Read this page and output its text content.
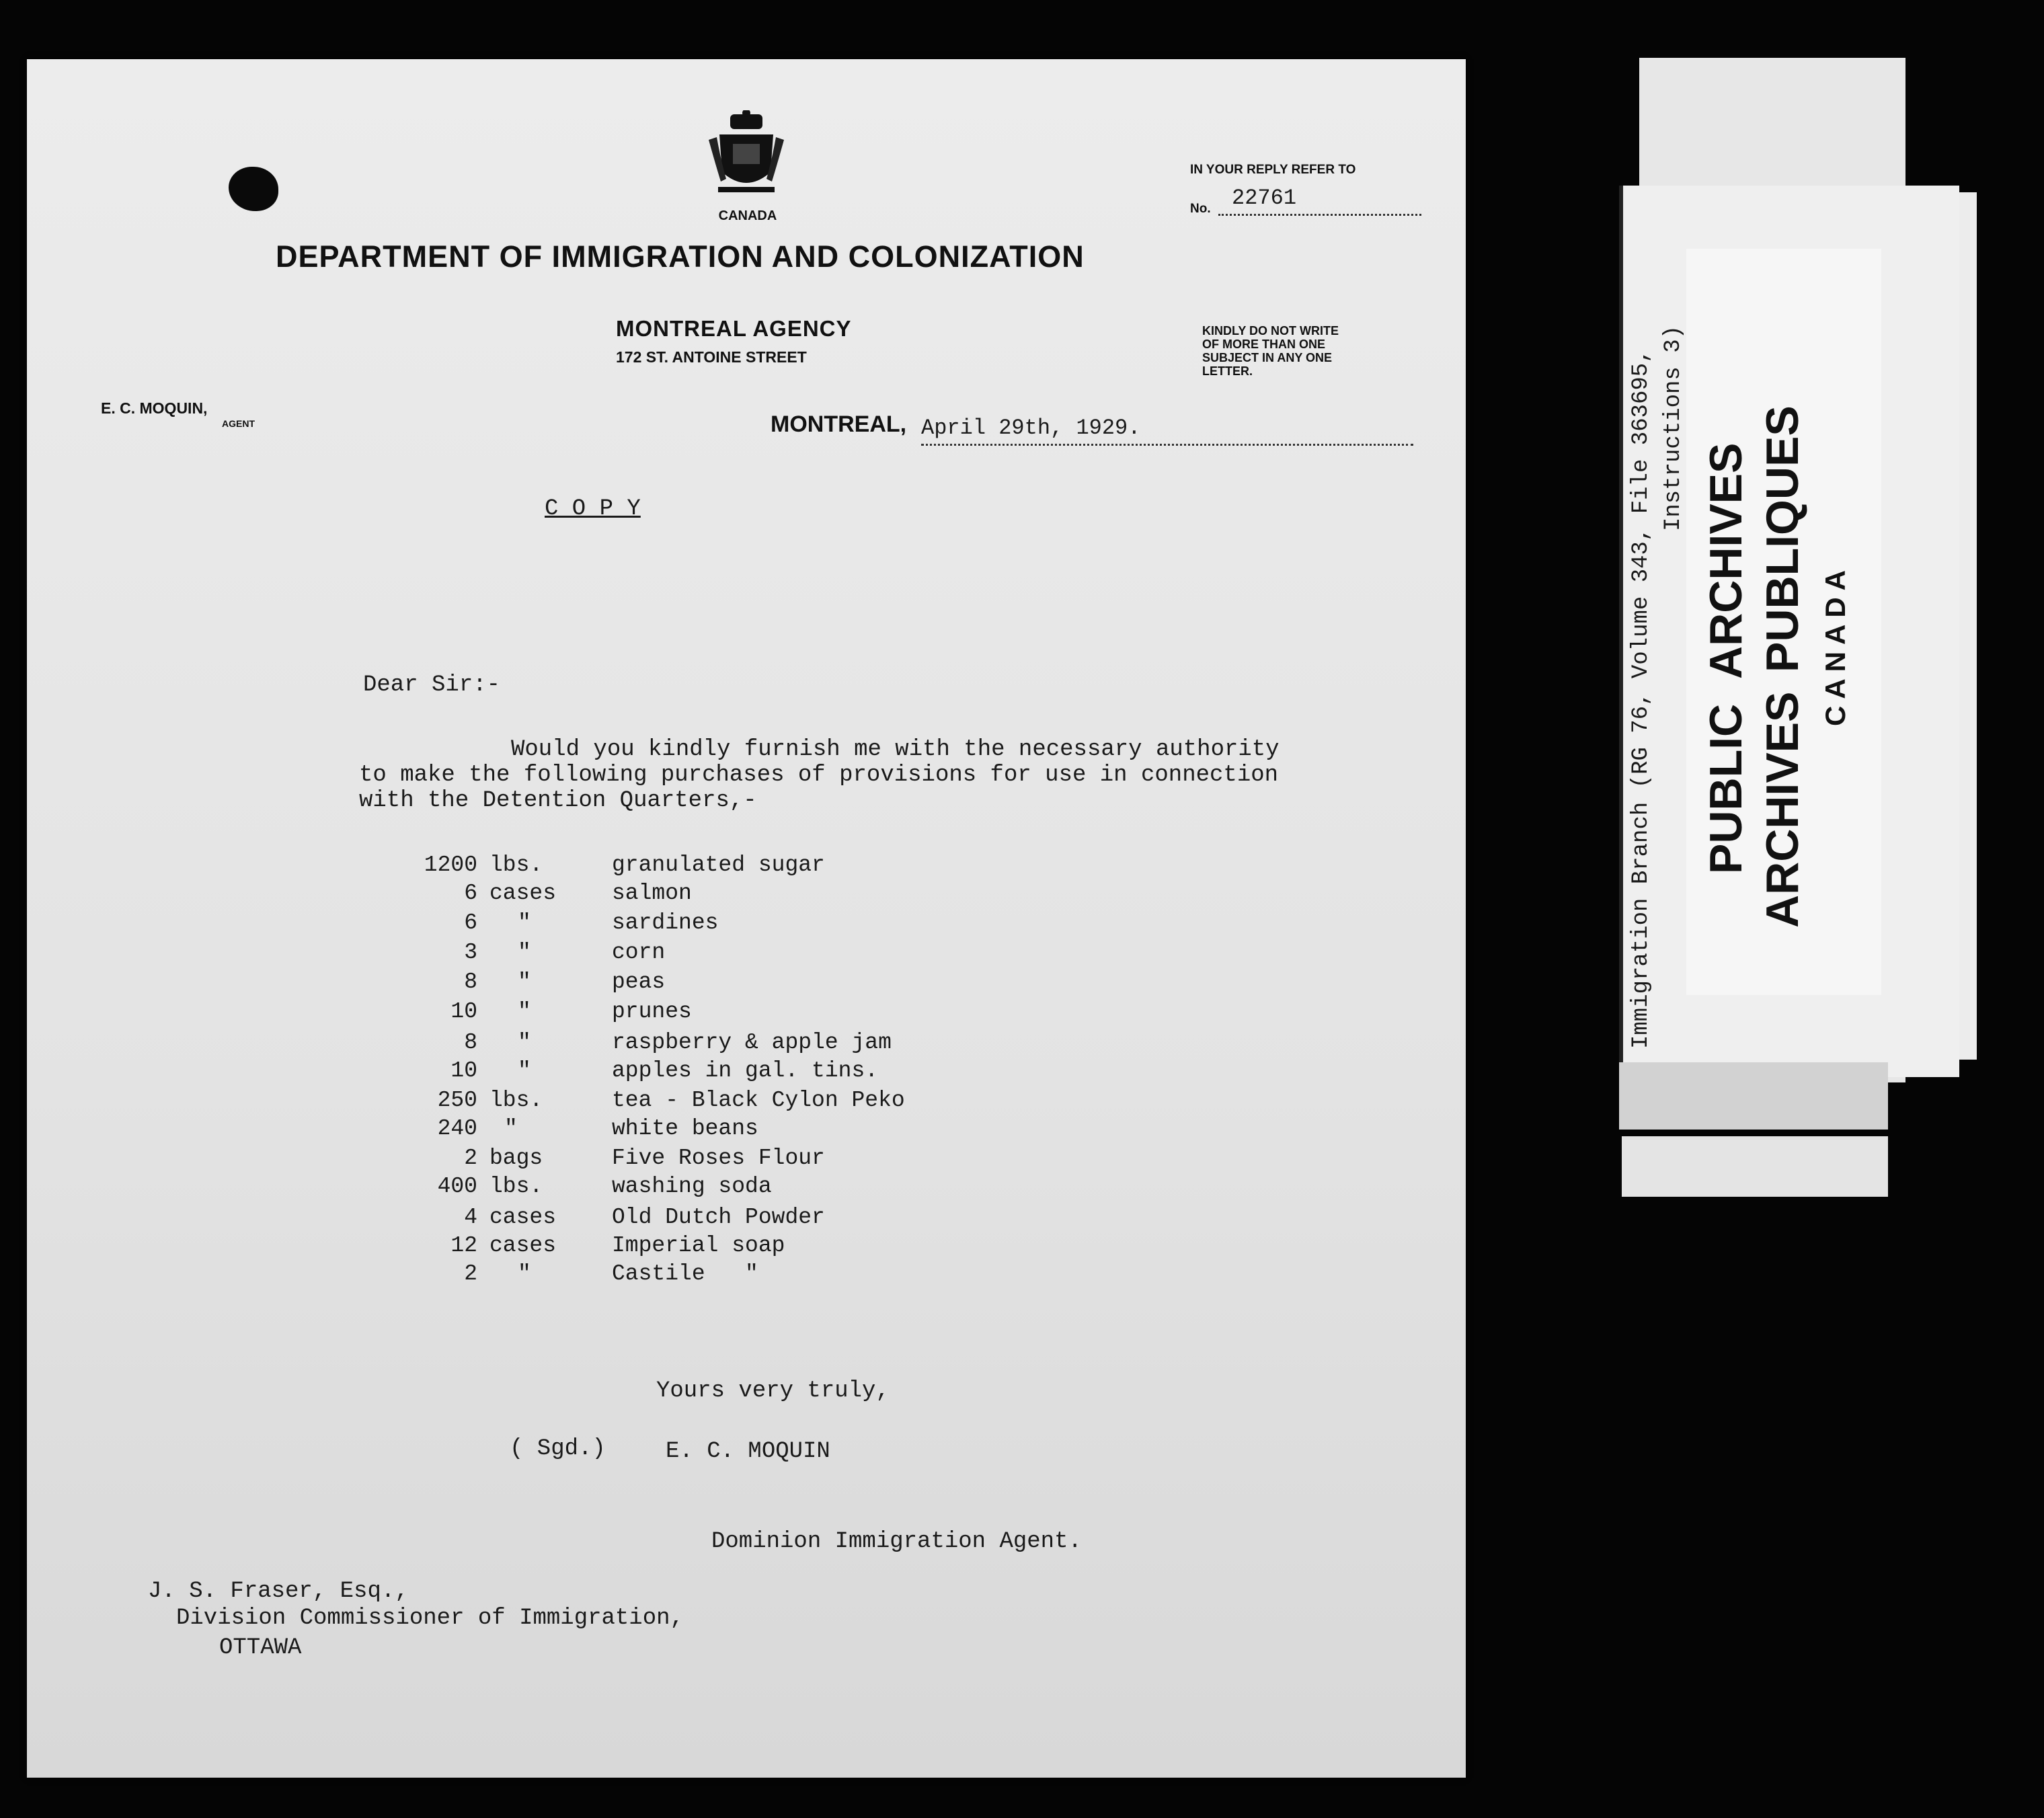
CANADA
DEPARTMENT OF IMMIGRATION AND COLONIZATION
MONTREAL AGENCY
172 ST. ANTOINE STREET
IN YOUR REPLY REFER TO
No. 22761
KINDLY DO NOT WRITE
OF MORE THAN ONE
SUBJECT IN ANY ONE
LETTER.
E. C. MOQUIN,
AGENT	MONTREAL, April 29th, 1929.
C O P Y
Dear Sir:-
Would you kindly furnish me with the necessary authority
to make the following purchases of provisions for use in connection
with the Detention Quarters,-
1200 lbs.	granulated sugar
6 cases	salmon
6 "	sardines
3 "	corn
8 "	peas
10 "	prunes
8 "	raspberry & apple jam
10 "	apples in gal. tins.
250 lbs.	tea - Black Cylon Peko
240 "	white beans
2 bags	Five Roses Flour
400 lbs.	washing soda
4 cases	Old Dutch Powder
12 cases	Imperial soap
2 "	Castile   "
Yours very truly,
( Sgd.)	E. C. MOQUIN
Dominion Immigration Agent.
J. S. Fraser, Esq.,
Division Commissioner of Immigration,
OTTAWA
Immigration Branch (RG 76, Volume 343, File 363695, Instructions 3)
PUBLIC
ARCHIVES
ARCHIVES
PUBLIQUES CANADA
